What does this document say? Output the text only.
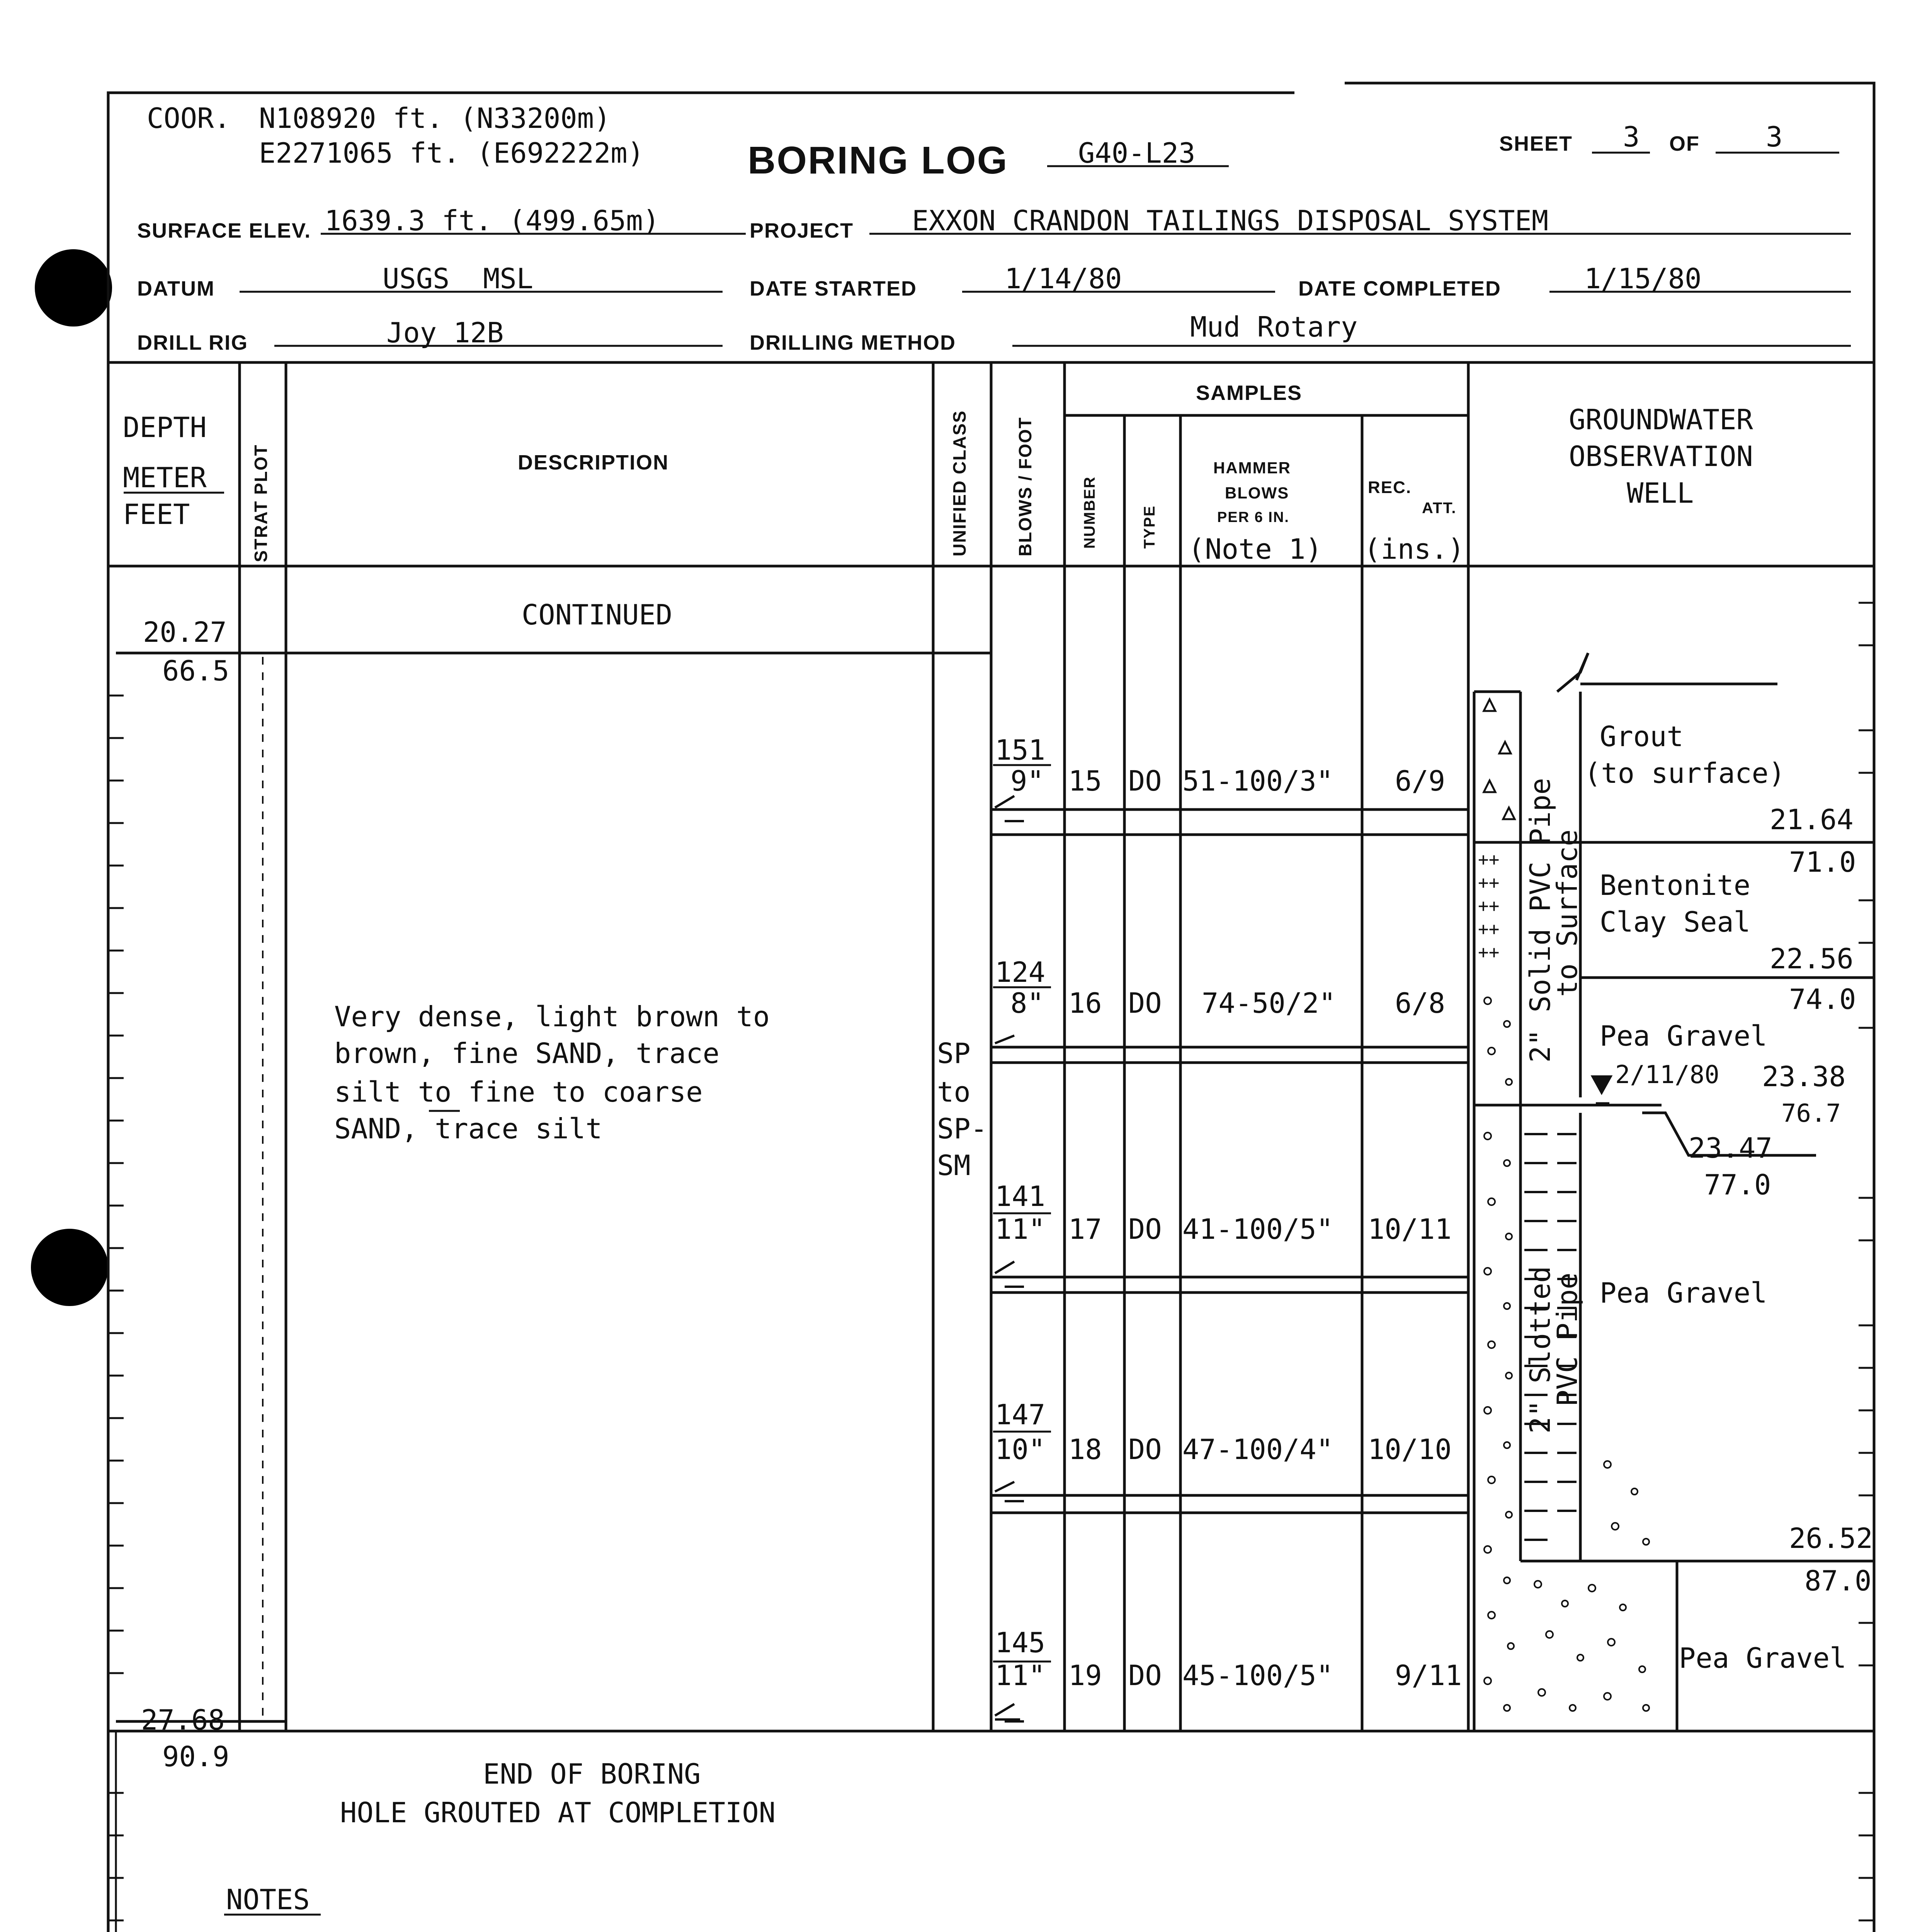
++
++
++
++
++
COOR. N108920 ft. (N33200m)
E2271065 ft. (E692222m)	BORING LOG	G40-L23	SHEET 3 OF 3
SURFACE ELEV. 1639.3 ft. (499.65m)	PROJECT EXXON CRANDON TAILINGS DISPOSAL SYSTEM
DATUM	USGS  MSL	DATE STARTED	1/14/80	DATE COMPLETED	1/15/80
DRILL RIG	Joy 12B	DRILLING METHOD	Mud Rotary
DEPTH
METER
FEET	STRAT PLOT	DESCRIPTION	UNIFIED CLASS	BLOWS / FOOT
SAMPLES
NUMBER	TYPE
HAMMER
BLOWS
PER 6 IN.
(Note 1)
REC.
ATT.
(ins.)
GROUNDWATER
OBSERVATION
WELL
20.27
CONTINUED
66.5
Very dense, light brown to
brown, fine SAND, trace
silt to fine to coarse
SAND, trace silt
SP
to
SP-
SM
151
9" 15 DO 51-100/3" 6/9
124
8" 16 DO 74-50/2" 6/8
141
11" 17 DO 41-100/5" 10/11
147
10" 18 DO 47-100/4" 10/10
145
11" 19 DO 45-100/5" 9/11
Grout
(to surface)
21.64
71.0
Bentonite
Clay Seal
22.56
74.0
Pea Gravel
2/11/80 23.38
76.7
23.47
77.0
Pea Gravel
26.52
87.0
Pea Gravel
2" Solid PVC Pipe
to Surface
2" Slotted
PVC Pipe
27.68
90.9
END OF BORING
HOLE GROUTED AT COMPLETION
NOTES
